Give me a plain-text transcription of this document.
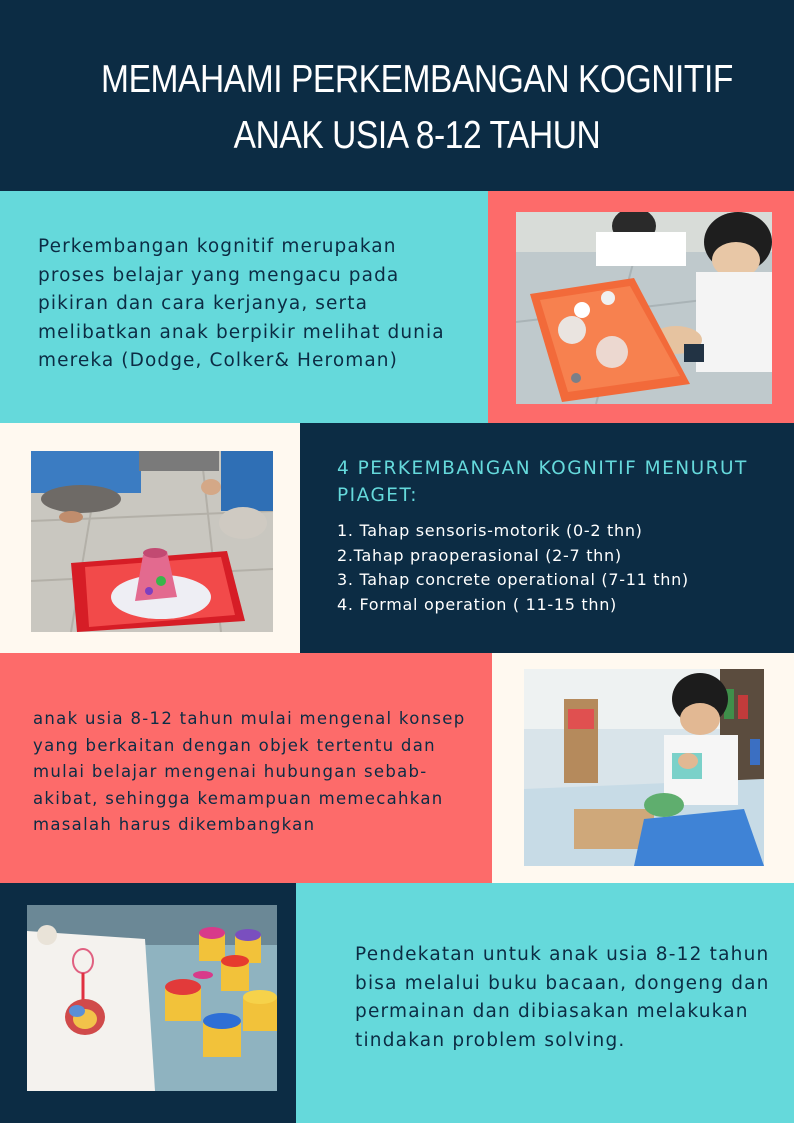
MEMAHAMI PERKEMBANGAN KOGNITIF ANAK USIA 8-12 TAHUN
Perkembangan kognitif merupakan proses belajar yang mengacu pada pikiran dan cara kerjanya, serta melibatkan anak berpikir melihat dunia mereka (Dodge, Colker& Heroman)
4 PERKEMBANGAN KOGNITIF MENURUT PIAGET:
1. Tahap sensoris-motorik (0-2 thn)
2.Tahap praoperasional (2-7 thn)
3. Tahap concrete operational (7-11 thn)
4. Formal operation ( 11-15 thn)
anak usia 8-12 tahun mulai mengenal konsep yang berkaitan dengan objek tertentu dan mulai belajar mengenai hubungan sebab-akibat, sehingga kemampuan memecahkan masalah harus dikembangkan
Pendekatan untuk anak usia 8-12 tahun bisa melalui buku bacaan, dongeng dan permainan dan dibiasakan melakukan tindakan problem solving.
